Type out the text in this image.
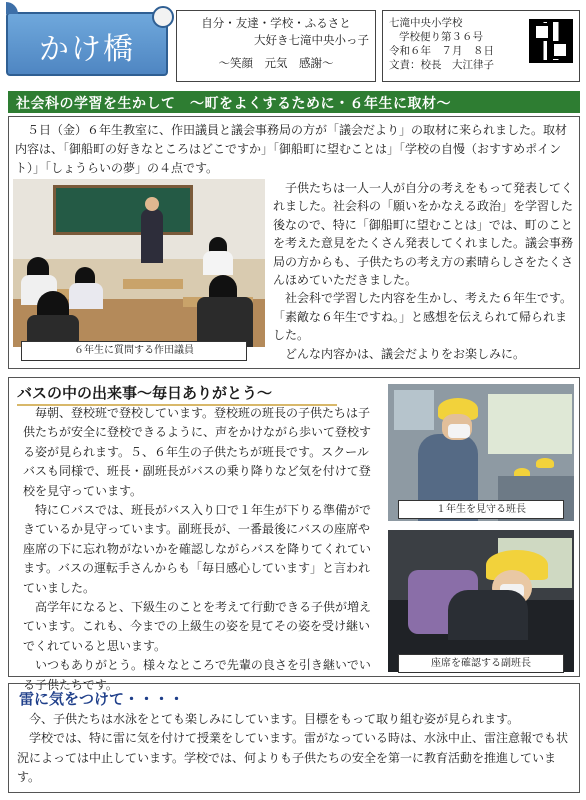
かけ橋
自分・友達・学校・ふるさと
大好き七滝中央小っ子
～笑顔　元気　感謝～
七滝中央小学校
学校便り第３６号
令和６年　７月　８日
文責：校長　大江律子
社会科の学習を生かして　～町をよくするために・６年生に取材～
５日（金）６年生教室に、作田議員と議会事務局の方が「議会だより」の取材に来られました。取材内容は、「御船町の好きなところはどこですか」「御船町に望むことは」「学校の自慢（おすすめポイント）」「しょうらいの夢」の４点です。
６年生に質問する作田議員

子供たちは一人一人が自分の考えをもって発表してくれました。社会科の「願いをかなえる政治」を学習した後なので、特に「御船町に望むことは」では、町のことを考えた意見をたくさん発表してくれました。議会事務局の方からも、子供たちの考え方の素晴らしさをたくさんほめていただきました。

社会科で学習した内容を生かし、考えた６年生です。「素敵な６年生ですね。」と感想を伝えられて帰られました。

どんな内容かは、議会だよりをお楽しみに。

バスの中の出来事～毎日ありがとう～

毎朝、登校班で登校しています。登校班の班長の子供たちは子供たちが安全に登校できるように、声をかけながら歩いて登校する姿が見られます。５、６年生の子供たちが班長です。スクールバスも同様で、班長・副班長がバスの乗り降りなど気を付けて登校を見守っています。

特にＣバスでは、班長がバス入り口で１年生が下りる準備ができているか見守っています。副班長が、一番最後にバスの座席や座席の下に忘れ物がないかを確認しながらバスを降りてくれています。バスの運転手さんからも「毎日感心しています」と言われていました。

高学年になると、下級生のことを考えて行動できる子供が増えています。これも、今までの上級生の姿を見てその姿を受け継いでくれていると思います。

いつもありがとう。様々なところで先輩の良さを引き継いでいる子供たちです。

１年生を見守る班長
座席を確認する副班長
雷に気をつけて・・・・

今、子供たちは水泳をとても楽しみにしています。目標をもって取り組む姿が見られます。

学校では、特に雷に気を付けて授業をしています。雷がなっている時は、水泳中止、雷注意報でも状況によっては中止しています。学校では、何よりも子供たちの安全を第一に教育活動を推進しています。
